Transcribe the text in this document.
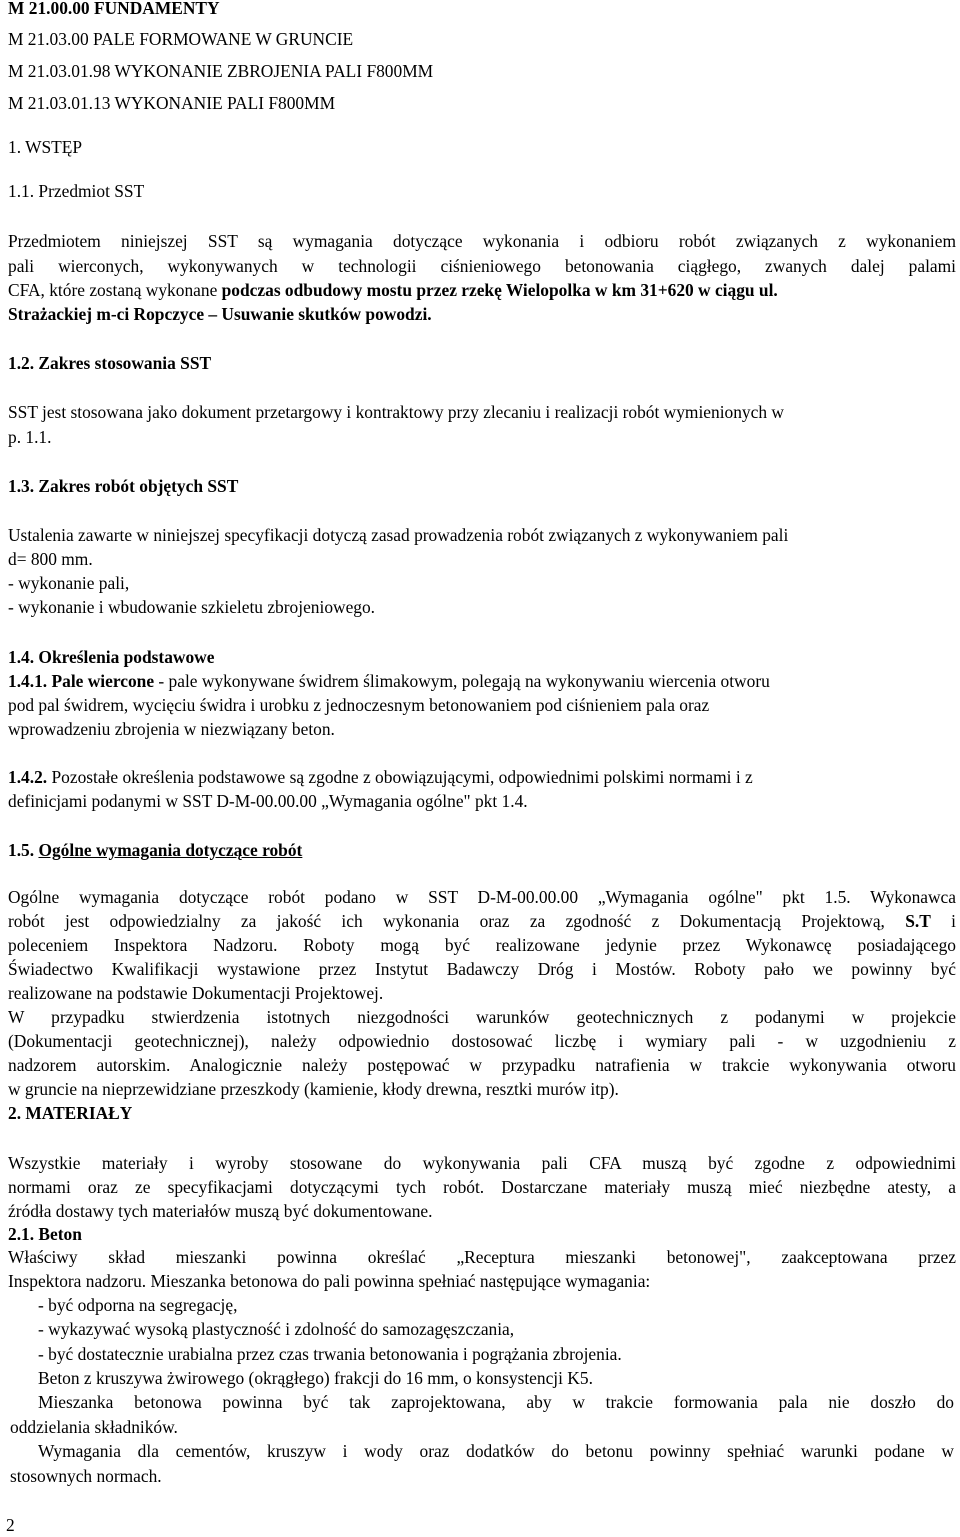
M 21.00.00 FUNDAMENTY
M 21.03.00 PALE FORMOWANE W GRUNCIE
M 21.03.01.98 WYKONANIE ZBROJENIA PALI F800MM
M 21.03.01.13 WYKONANIE PALI F800MM
1. WSTĘP
1.1. Przedmiot SST
Przedmiotem niniejszej SST są wymagania dotyczące wykonania i odbioru robót związanych z wykonaniem
pali wierconych, wykonywanych w technologii ciśnieniowego betonowania ciągłego, zwanych dalej palami
CFA, które zostaną wykonane podczas odbudowy mostu przez rzekę Wielopolka w km 31+620 w ciągu ul.
Strażackiej m-ci Ropczyce – Usuwanie skutków powodzi.
1.2. Zakres stosowania SST
SST jest stosowana jako dokument przetargowy i kontraktowy przy zlecaniu i realizacji robót wymienionych w
p. 1.1.
1.3. Zakres robót objętych SST
Ustalenia zawarte w niniejszej specyfikacji dotyczą zasad prowadzenia robót związanych z wykonywaniem pali
d= 800 mm.
- wykonanie pali,
- wykonanie i wbudowanie szkieletu zbrojeniowego.
1.4. Określenia podstawowe
1.4.1. Pale wiercone - pale wykonywane świdrem ślimakowym, polegają na wykonywaniu wiercenia otworu
pod pal świdrem, wycięciu świdra i urobku z jednoczesnym betonowaniem pod ciśnieniem pala oraz
wprowadzeniu zbrojenia w niezwiązany beton.
1.4.2. Pozostałe określenia podstawowe są zgodne z obowiązującymi, odpowiednimi polskimi normami i z
definicjami podanymi w SST D-M-00.00.00 „Wymagania ogólne" pkt 1.4.
1.5. Ogólne wymagania dotyczące robót
Ogólne wymagania dotyczące robót podano w SST D-M-00.00.00 „Wymagania ogólne" pkt 1.5. Wykonawca
robót jest odpowiedzialny za jakość ich wykonania oraz za zgodność z Dokumentacją Projektową, S.T i
poleceniem Inspektora Nadzoru. Roboty mogą być realizowane jedynie przez Wykonawcę posiadającego
Świadectwo Kwalifikacji wystawione przez Instytut Badawczy Dróg i Mostów. Roboty pało we powinny być
realizowane na podstawie Dokumentacji Projektowej.
W przypadku stwierdzenia istotnych niezgodności warunków geotechnicznych z podanymi w projekcie
(Dokumentacji geotechnicznej), należy odpowiednio dostosować liczbę i wymiary pali - w uzgodnieniu z
nadzorem autorskim. Analogicznie należy postępować w przypadku natrafienia w trakcie wykonywania otworu
w gruncie na nieprzewidziane przeszkody (kamienie, kłody drewna, resztki murów itp).
2. MATERIAŁY
Wszystkie materiały i wyroby stosowane do wykonywania pali CFA muszą być zgodne z odpowiednimi
normami oraz ze specyfikacjami dotyczącymi tych robót. Dostarczane materiały muszą mieć niezbędne atesty, a
źródła dostawy tych materiałów muszą być dokumentowane.
2.1. Beton
Właściwy skład mieszanki powinna określać „Receptura mieszanki betonowej", zaakceptowana przez
Inspektora nadzoru. Mieszanka betonowa do pali powinna spełniać następujące wymagania:
- być odporna na segregację,
- wykazywać wysoką plastyczność i zdolność do samozagęszczania,
- być dostatecznie urabialna przez czas trwania betonowania i pogrążania zbrojenia.
Beton z kruszywa żwirowego (okrągłego) frakcji do 16 mm, o konsystencji K5.
Mieszanka betonowa powinna być tak zaprojektowana, aby w trakcie formowania pala nie doszło do
oddzielania składników.
Wymagania dla cementów, kruszyw i wody oraz dodatków do betonu powinny spełniać warunki podane w
stosownych normach.
2
